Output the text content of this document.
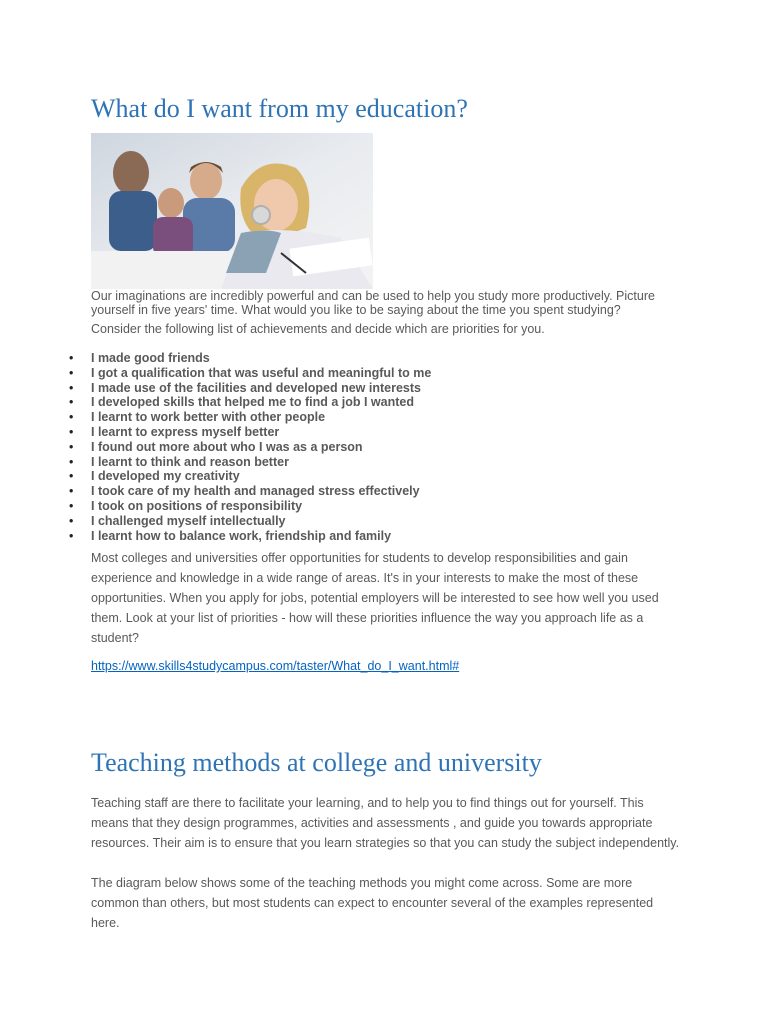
What do I want from my education?

Our imaginations are incredibly powerful and can be used to help you study more productively. Picture yourself in five years' time. What would you like to be saying about the time you spent studying?

Consider the following list of achievements and decide which are priorities for you.

• I made good friends
• I got a qualification that was useful and meaningful to me
• I made use of the facilities and developed new interests
• I developed skills that helped me to find a job I wanted
• I learnt to work better with other people
• I learnt to express myself better
• I found out more about who I was as a person
• I learnt to think and reason better
• I developed my creativity
• I took care of my health and managed stress effectively
• I took on positions of responsibility
• I challenged myself intellectually
• I learnt how to balance work, friendship and family

Most colleges and universities offer opportunities for students to develop responsibilities and gain experience and knowledge in a wide range of areas. It's in your interests to make the most of these opportunities. When you apply for jobs, potential employers will be interested to see how well you used them. Look at your list of priorities - how will these priorities influence the way you approach life as a student?

https://www.skills4studycampus.com/taster/What_do_I_want.html#
Teaching methods at college and university

Teaching staff are there to facilitate your learning, and to help you to find things out for yourself. This means that they design programmes, activities and assessments , and guide you towards appropriate resources. Their aim is to ensure that you learn strategies so that you can study the subject independently.

The diagram below shows some of the teaching methods you might come across. Some are more common than others, but most students can expect to encounter several of the examples represented here.
